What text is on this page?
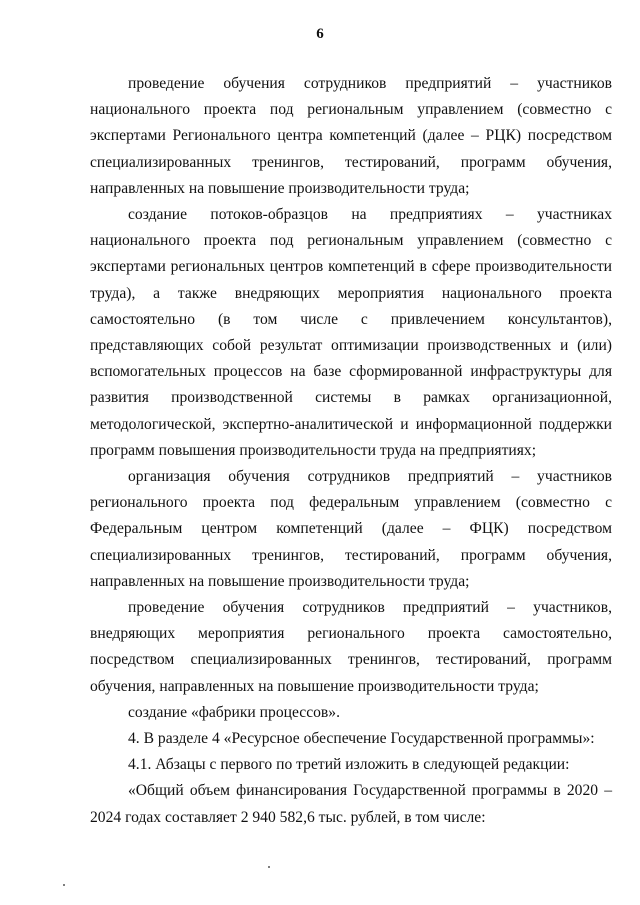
6

проведение обучения сотрудников предприятий – участников национального проекта под региональным управлением (совместно с экспертами Регионального центра компетенций (далее – РЦК) посредством специализированных тренингов, тестирований, программ обучения, направленных на повышение производительности труда;

создание потоков-образцов на предприятиях – участниках национального проекта под региональным управлением (совместно с экспертами региональных центров компетенций в сфере производительности труда), а также внедряющих мероприятия национального проекта самостоятельно (в том числе с привлечением консультантов), представляющих собой результат оптимизации производственных и (или) вспомогательных процессов на базе сформированной инфраструктуры для развития производственной системы в рамках организационной, методологической, экспертно-аналитической и информационной поддержки программ повышения производительности труда на предприятиях;

организация обучения сотрудников предприятий – участников регионального проекта под федеральным управлением (совместно с Федеральным центром компетенций (далее – ФЦК) посредством специализированных тренингов, тестирований, программ обучения, направленных на повышение производительности труда;

проведение обучения сотрудников предприятий – участников, внедряющих мероприятия регионального проекта самостоятельно, посредством специализированных тренингов, тестирований, программ обучения, направленных на повышение производительности труда;

создание «фабрики процессов».

4. В разделе 4 «Ресурсное обеспечение Государственной программы»:

4.1. Абзацы с первого по третий изложить в следующей редакции:

«Общий объем финансирования Государственной программы в 2020 – 2024 годах составляет 2 940 582,6 тыс. рублей, в том числе:
